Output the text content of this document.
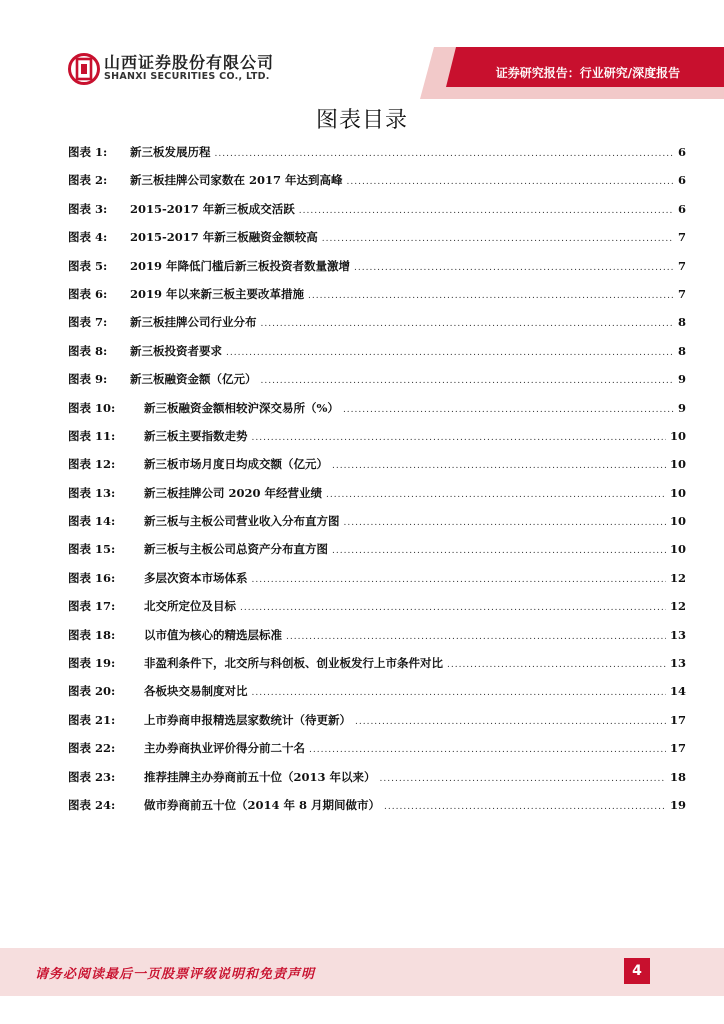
山西证券股份有限公司
SHANXI SECURITIES CO., LTD.	证券研究报告：行业研究/深度报告
图表目录
图表 1:	新三板发展历程 .....	6
图表 2:	新三板挂牌公司家数在 2017 年达到高峰 .....	6
图表 3:	2015-2017 年新三板成交活跃 .....	6
图表 4:	2015-2017 年新三板融资金额较高 .....	7
图表 5:	2019 年降低门槛后新三板投资者数量激增 .....	7
图表 6:	2019 年以来新三板主要改革措施 .....	7
图表 7:	新三板挂牌公司行业分布 .....	8
图表 8:	新三板投资者要求 .....	8
图表 9:	新三板融资金额（亿元） .....	9
图表 10:	新三板融资金额相较沪深交易所（%） .....	9
图表 11:	新三板主要指数走势 .....	10
图表 12:	新三板市场月度日均成交额（亿元） .....	10
图表 13:	新三板挂牌公司 2020 年经营业绩 .....	10
图表 14:	新三板与主板公司营业收入分布直方图 .....	10
图表 15:	新三板与主板公司总资产分布直方图 .....	10
图表 16:	多层次资本市场体系 .....	12
图表 17:	北交所定位及目标 .....	12
图表 18:	以市值为核心的精选层标准 .....	13
图表 19:	非盈利条件下，北交所与科创板、创业板发行上市条件对比 .....	13
图表 20:	各板块交易制度对比 .....	14
图表 21:	上市券商申报精选层家数统计（待更新） .....	17
图表 22:	主办券商执业评价得分前二十名 .....	17
图表 23:	推荐挂牌主办券商前五十位（2013 年以来） .....	18
图表 24:	做市券商前五十位（2014 年 8 月期间做市） .....	19
请务必阅读最后一页股票评级说明和免责声明	4
